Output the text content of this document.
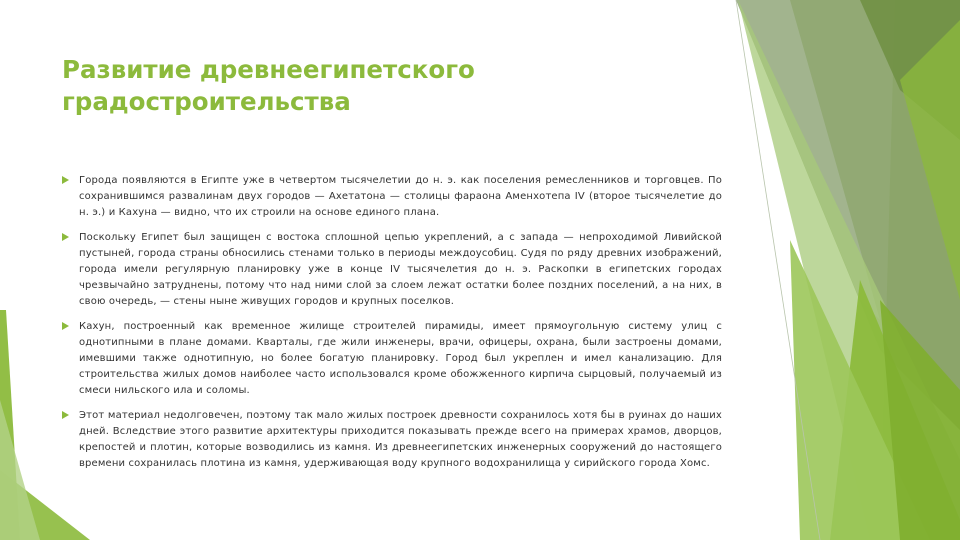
Развитие древнеегипетского градостроительства
Города появляются в Египте уже в четвертом тысячелетии до н. э. как поселения ремесленников и торговцев. По сохранившимся развалинам двух городов — Ахетатона — столицы фараона Аменхотепа IV (второе тысячелетие до н. э.) и Кахуна — видно, что их строили на основе единого плана.
Поскольку Египет был защищен с востока сплошной цепью укреплений, а с запада — непроходимой Ливийской пустыней, города страны обносились стенами только в периоды междоусобиц. Судя по ряду древних изображений, города имели регулярную планировку уже в конце IV тысячелетия до н. э. Раскопки в египетских городах чрезвычайно затруднены, потому что над ними слой за слоем лежат остатки более поздних поселений, а на них, в свою очередь, — стены ныне живущих городов и крупных поселков.
Кахун, построенный как временное жилище строителей пирамиды, имеет прямоугольную систему улиц с однотипными в плане домами. Кварталы, где жили инженеры, врачи, офицеры, охрана, были застроены домами, имевшими также однотипную, но более богатую планировку. Город был укреплен и имел канализацию. Для строительства жилых домов наиболее часто использовался кроме обожженного кирпича сырцовый, получаемый из смеси нильского ила и соломы.
Этот материал недолговечен, поэтому так мало жилых построек древности сохранилось хотя бы в руинах до наших дней. Вследствие этого развитие архитектуры приходится показывать прежде всего на примерах храмов, дворцов, крепостей и плотин, которые возводились из камня. Из древнеегипетских инженерных сооружений до настоящего времени сохранилась плотина из камня, удерживающая воду крупного водохранилища у сирийского города Хомс.
